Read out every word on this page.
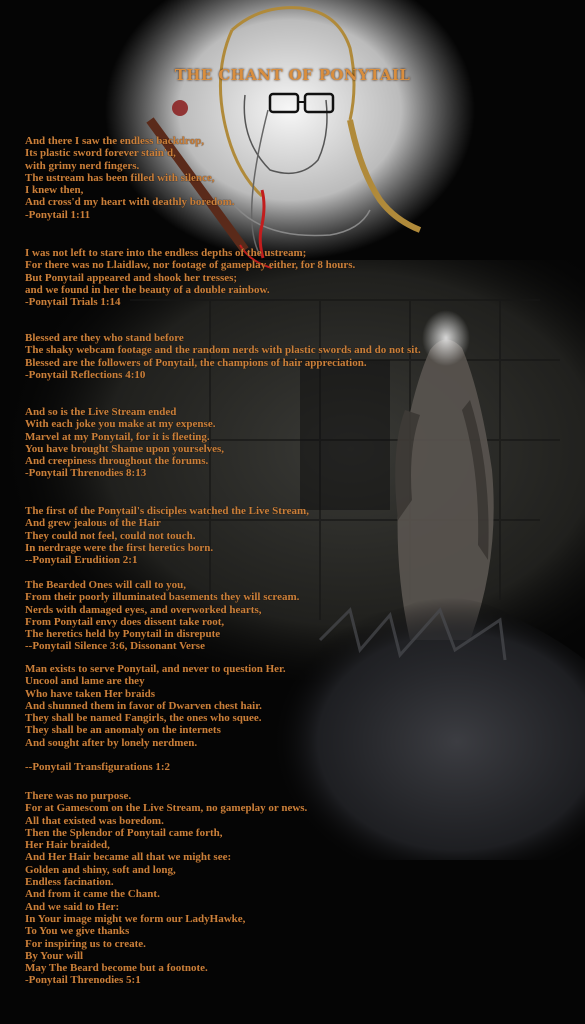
THE CHANT OF PONYTAIL
And there I saw the endless backdrop,
Its plastic sword forever stain'd,
with grimy nerd fingers.
The ustream has been filled with silence,
I knew then,
And cross'd my heart with deathly boredom.
-Ponytail 1:11
I was not left to stare into the endless depths of the ustream;
For there was no Llaidlaw, nor footage of gameplay either, for 8 hours.
But Ponytail appeared and shook her tresses;
and we found in her the beauty of a double rainbow.
-Ponytail Trials 1:14
Blessed are they who stand before
The shaky webcam footage and the random nerds with plastic swords and do not sit.
Blessed are the followers of Ponytail, the champions of hair appreciation.
-Ponytail Reflections 4:10
And so is the Live Stream ended
With each joke you make at my expense.
Marvel at my Ponytail, for it is fleeting.
You have brought Shame upon yourselves,
And creepiness throughout the forums.
-Ponytail Threnodies 8:13
The first of the Ponytail's disciples watched the Live Stream,
And grew jealous of the Hair
They could not feel, could not touch.
In nerdrage were the first heretics born.
--Ponytail Erudition 2:1
The Bearded Ones will call to you,
From their poorly illuminated basements they will scream.
Nerds with damaged eyes, and overworked hearts,
From Ponytail envy does dissent take root,
The heretics held by Ponytail in disrepute
--Ponytail Silence 3:6, Dissonant Verse
Man exists to serve Ponytail, and never to question Her.
Uncool and lame are they
Who have taken Her braids
And shunned them in favor of Dwarven chest hair.
They shall be named Fangirls, the ones who squee.
They shall be an anomaly on the internets
And sought after by lonely nerdmen.

--Ponytail Transfigurations 1:2
There was no purpose.
For at Gamescom on the Live Stream, no gameplay or news.
All that existed was boredom.
Then the Splendor of Ponytail came forth,
Her Hair braided,
And Her Hair became all that we might see:
Golden and shiny, soft and long,
Endless facination.
And from it came the Chant.
And we said to Her:
In Your image might we form our LadyHawke,
To You we give thanks
For inspiring us to create.
By Your will
May The Beard become but a footnote.
-Ponytail Threnodies 5:1
